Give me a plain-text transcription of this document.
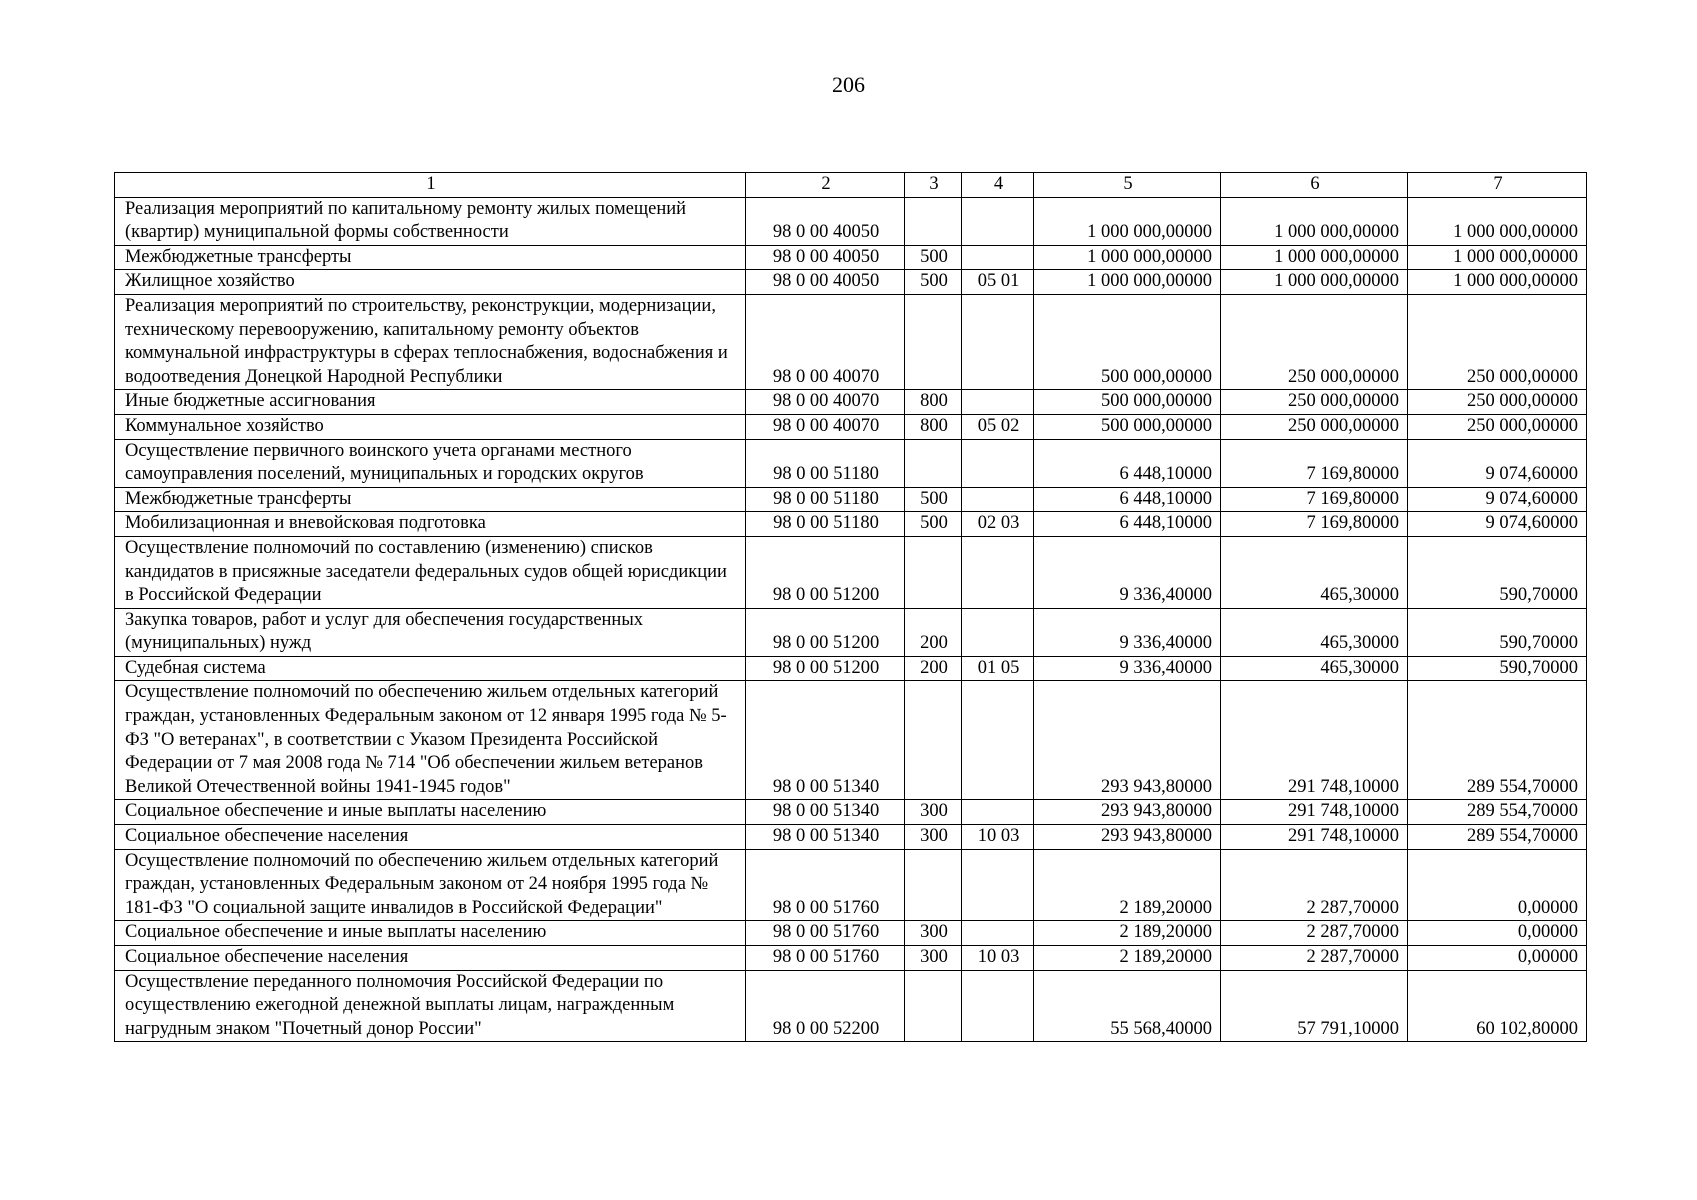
206
1	2	3	4	5	6	7
Реализация мероприятий по капитальному ремонту жилых помещений (квартир) муниципальной формы собственности	98 0 00 40050			1 000 000,00000	1 000 000,00000	1 000 000,00000
Межбюджетные трансферты	98 0 00 40050	500		1 000 000,00000	1 000 000,00000	1 000 000,00000
Жилищное хозяйство	98 0 00 40050	500	05 01	1 000 000,00000	1 000 000,00000	1 000 000,00000
Реализация мероприятий по строительству, реконструкции, модернизации, техническому перевооружению, капитальному ремонту объектов коммунальной инфраструктуры в сферах теплоснабжения, водоснабжения и водоотведения Донецкой Народной Республики	98 0 00 40070			500 000,00000	250 000,00000	250 000,00000
Иные бюджетные ассигнования	98 0 00 40070	800		500 000,00000	250 000,00000	250 000,00000
Коммунальное хозяйство	98 0 00 40070	800	05 02	500 000,00000	250 000,00000	250 000,00000
Осуществление первичного воинского учета органами местного самоуправления поселений, муниципальных и городских округов	98 0 00 51180			6 448,10000	7 169,80000	9 074,60000
Межбюджетные трансферты	98 0 00 51180	500		6 448,10000	7 169,80000	9 074,60000
Мобилизационная и вневойсковая подготовка	98 0 00 51180	500	02 03	6 448,10000	7 169,80000	9 074,60000
Осуществление полномочий по составлению (изменению) списков кандидатов в присяжные заседатели федеральных судов общей юрисдикции в Российской Федерации	98 0 00 51200			9 336,40000	465,30000	590,70000
Закупка товаров, работ и услуг для обеспечения государственных (муниципальных) нужд	98 0 00 51200	200		9 336,40000	465,30000	590,70000
Судебная система	98 0 00 51200	200	01 05	9 336,40000	465,30000	590,70000
Осуществление полномочий по обеспечению жильем отдельных категорий граждан, установленных Федеральным законом от 12 января 1995 года № 5-ФЗ "О ветеранах", в соответствии с Указом Президента Российской Федерации от 7 мая 2008 года № 714 "Об обеспечении жильем ветеранов Великой Отечественной войны 1941-1945 годов"	98 0 00 51340			293 943,80000	291 748,10000	289 554,70000
Социальное обеспечение и иные выплаты населению	98 0 00 51340	300		293 943,80000	291 748,10000	289 554,70000
Социальное обеспечение населения	98 0 00 51340	300	10 03	293 943,80000	291 748,10000	289 554,70000
Осуществление полномочий по обеспечению жильем отдельных категорий граждан, установленных Федеральным законом от 24 ноября 1995 года № 181-ФЗ "О социальной защите инвалидов в Российской Федерации"	98 0 00 51760			2 189,20000	2 287,70000	0,00000
Социальное обеспечение и иные выплаты населению	98 0 00 51760	300		2 189,20000	2 287,70000	0,00000
Социальное обеспечение населения	98 0 00 51760	300	10 03	2 189,20000	2 287,70000	0,00000
Осуществление переданного полномочия Российской Федерации по осуществлению ежегодной денежной выплаты лицам, награжденным нагрудным знаком "Почетный донор России"	98 0 00 52200			55 568,40000	57 791,10000	60 102,80000
